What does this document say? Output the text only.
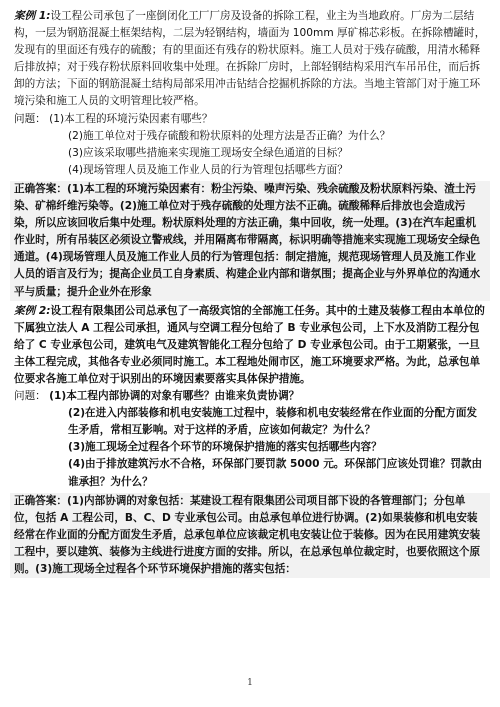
案例 1:设工程公司承包了一座倒闭化工厂厂房及设备的拆除工程，业主为当地政府。厂房为二层结构，一层为钢筋混凝土框架结构，二层为轻钢结构，墙面为 100mm 厚矿棉芯彩板。在拆除槽罐时，发现有的里面还有残存的硫酸；有的里面还有残存的粉状原料。施工人员对于残存硫酸，用清水稀释后排放掉；对于残存粉状原料回收集中处理。在拆除厂房时，上部轻钢结构采用汽车吊吊住，而后拆卸的方法；下面的钢筋混凝土结构局部采用冲击钻结合挖掘机拆除的方法。当地主管部门对于施工环境污染和施工人员的文明管理比较严格。

问题： (1)本工程的环境污染因素有哪些？

(2)施工单位对于残存硫酸和粉状原料的处理方法是否正确？为什么？

(3)应该采取哪些措施来实现施工现场安全绿色通道的目标？

(4)现场管理人员及施工作业人员的行为管理包括哪些方面？

正确答案：(1)本工程的环境污染因素有：粉尘污染、噪声污染、残余硫酸及粉状原料污染、渣土污染、矿棉纤维污染等。(2)施工单位对于残存硫酸的处理方法不正确。硫酸稀释后排放也会造成污染，所以应该回收后集中处理。粉状原料处理的方法正确，集中回收，统一处理。(3)在汽车起重机作业时，所有吊装区必须设立警戒线，并用隔离布带隔离，标识明确等措施来实现施工现场安全绿色通道。(4)现场管理人员及施工作业人员的行为管理包括：制定措施，规范现场管理人员及施工作业人员的语言及行为；提高企业员工自身素质、构建企业内部和谐氛围；提高企业与外界单位的沟通水平与质量；提升企业外在形象

案例 2:设工程有限集团公司总承包了一高级宾馆的全部施工任务。其中的土建及装修工程由本单位的下属独立法人 A 工程公司承担，通风与空调工程分包给了 B 专业承包公司，上下水及消防工程分包给了 C 专业承包公司，建筑电气及建筑智能化工程分包给了 D 专业承包公司。由于工期紧张，一旦主体工程完成，其他各专业必须同时施工。本工程地处闹市区，施工环境要求严格。为此，总承包单位要求各施工单位对于识别出的环境因素要落实具体保护措施。

问题： (1)本工程内部协调的对象有哪些？由谁来负责协调？

(2)在进入内部装修和机电安装施工过程中，装修和机电安装经常在作业面的分配方面发生矛盾，常相互影响。对于这样的矛盾，应该如何裁定？为什么？

(3)施工现场全过程各个环节的环境保护措施的落实包括哪些内容？

(4)由于排放建筑污水不合格，环保部门要罚款 5000 元。环保部门应该处罚谁？罚款由谁承担？为什么？

正确答案：(1)内部协调的对象包括：某建设工程有限集团公司项目部下设的各管理部门；分包单位，包括 A 工程公司，B、C、D 专业承包公司。由总承包单位进行协调。(2)如果装修和机电安装经常在作业面的分配方面发生矛盾，总承包单位应该裁定机电安装让位于装修。因为在民用建筑安装工程中，要以建筑、装修为主线进行进度方面的安排。所以，在总承包单位裁定时，也要依照这个原则。(3)施工现场全过程各个环节环境保护措施的落实包括：

1
